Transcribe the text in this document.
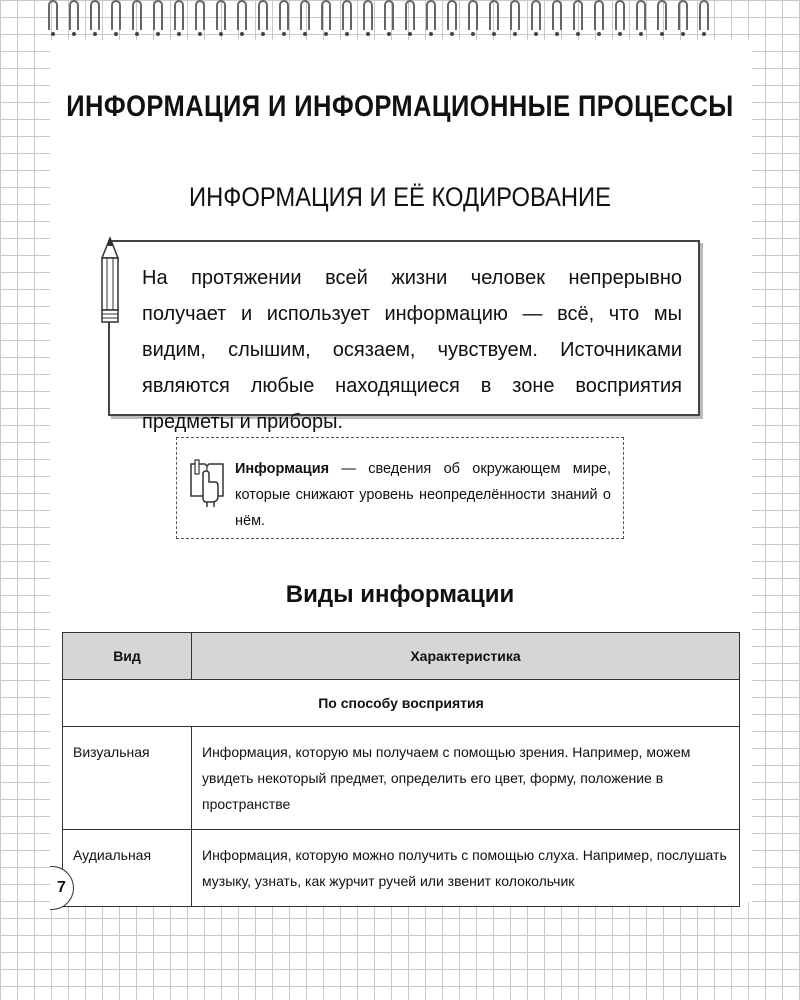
ИНФОРМАЦИЯ И ИНФОРМАЦИОННЫЕ ПРОЦЕССЫ
ИНФОРМАЦИЯ И ЕЁ КОДИРОВАНИЕ

На протяжении всей жизни человек непрерывно получает и использует информацию — всё, что мы видим, слышим, осязаем, чувствуем. Источниками являются любые находящиеся в зоне восприятия предметы и приборы.

Информация — сведения об окружающем мире, которые снижают уровень неопределённости знаний о нём.

Виды информации
Вид	Характеристика
По способу восприятия	
Визуальная	Информация, которую мы получаем с помощью зрения. Например, можем увидеть некоторый предмет, определить его цвет, форму, положение в пространстве
Аудиальная	Информация, которую можно получить с помощью слуха. Например, послушать музыку, узнать, как журчит ручей или звенит колокольчик
7
